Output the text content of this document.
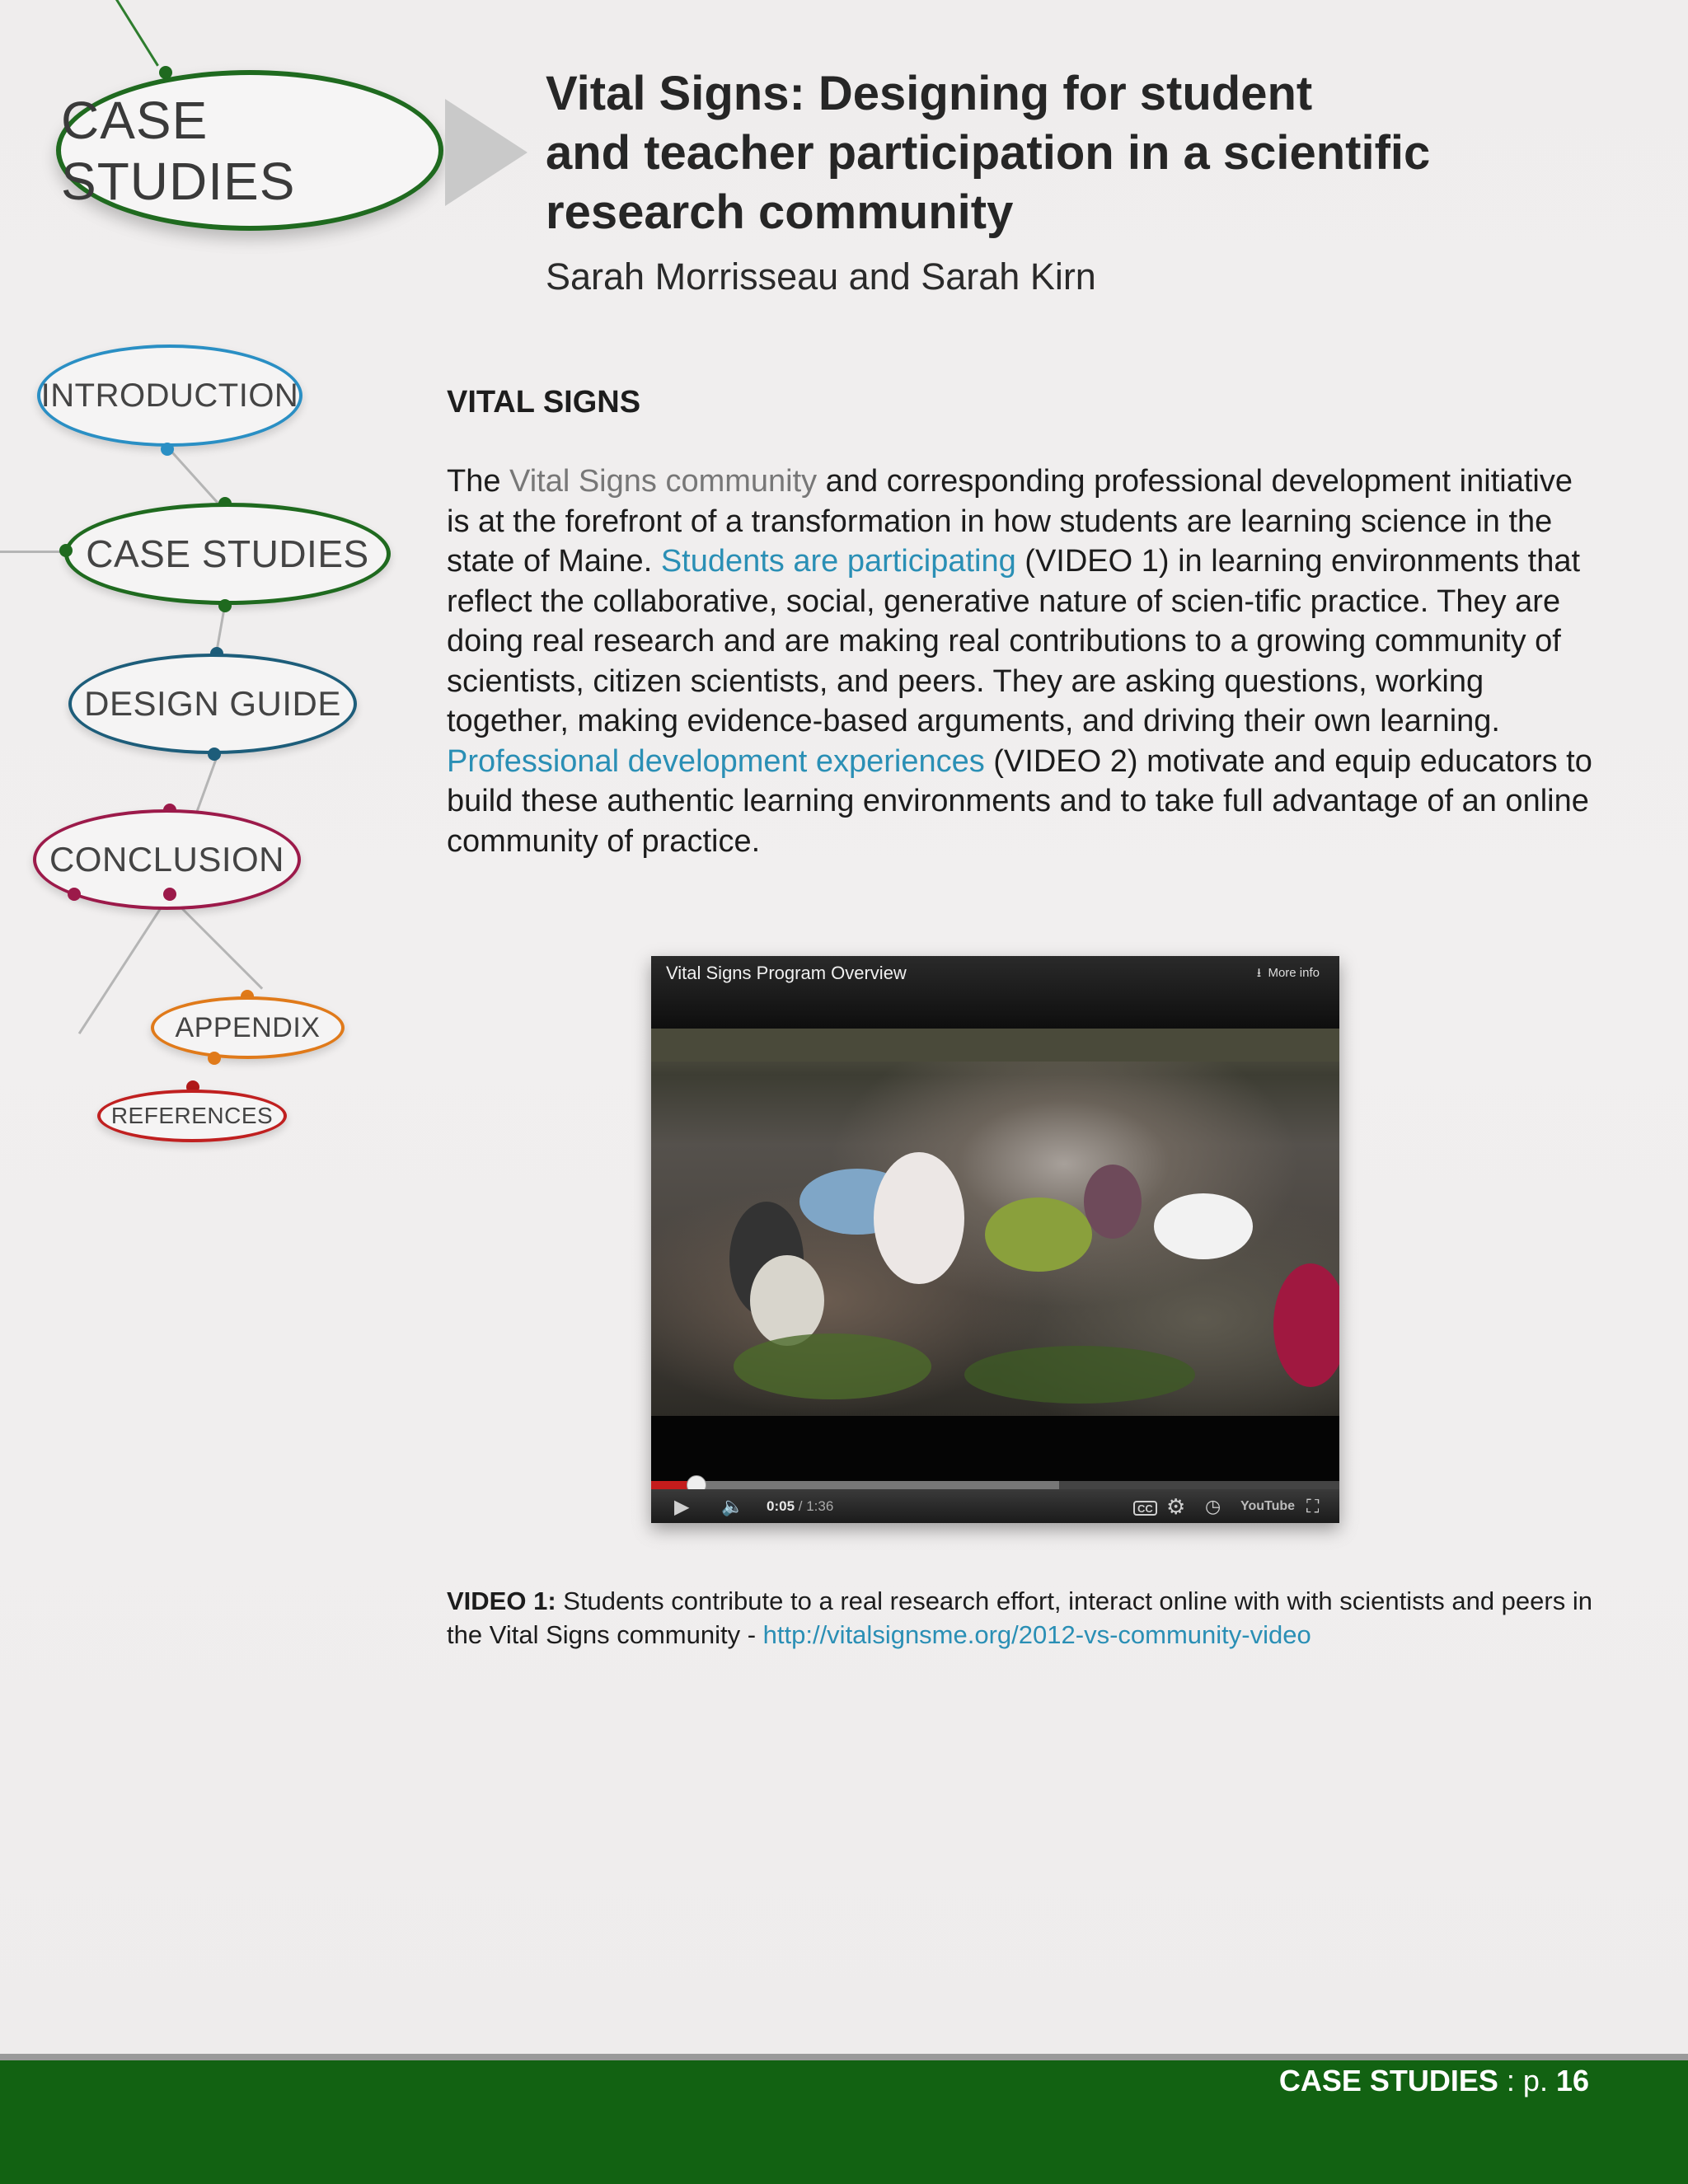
CASE STUDIES
Vital Signs: Designing for student
and teacher participation in a scientific
research community
Sarah Morrisseau and Sarah Kirn
INTRODUCTION
CASE STUDIES
DESIGN GUIDE
CONCLUSION
APPENDIX
REFERENCES
VITAL SIGNS
The Vital Signs community and corresponding professional development initiative is at the forefront of a transformation in how students are learning science in the state of Maine. Students are participating (VIDEO 1) in learning environments that reflect the collaborative, social, generative nature of scien-tific practice. They are doing real research and are making real contributions to a growing community of scientists, citizen scientists, and peers. They are asking questions, working together, making evidence-based arguments, and driving their own learning. Professional development experiences (VIDEO 2) motivate and equip educators to build these authentic learning environments and to take full advantage of an online community of practice.
Vital Signs Program Overview	⭳  More info
▶ 🔈 0:05 / 1:36	CC ⚙ ◷ YouTube ⛶
VIDEO 1: Students contribute to a real research effort, interact online with with scientists and peers in the Vital Signs community - http://vitalsignsme.org/2012-vs-community-video
CASE STUDIES : p. 16
